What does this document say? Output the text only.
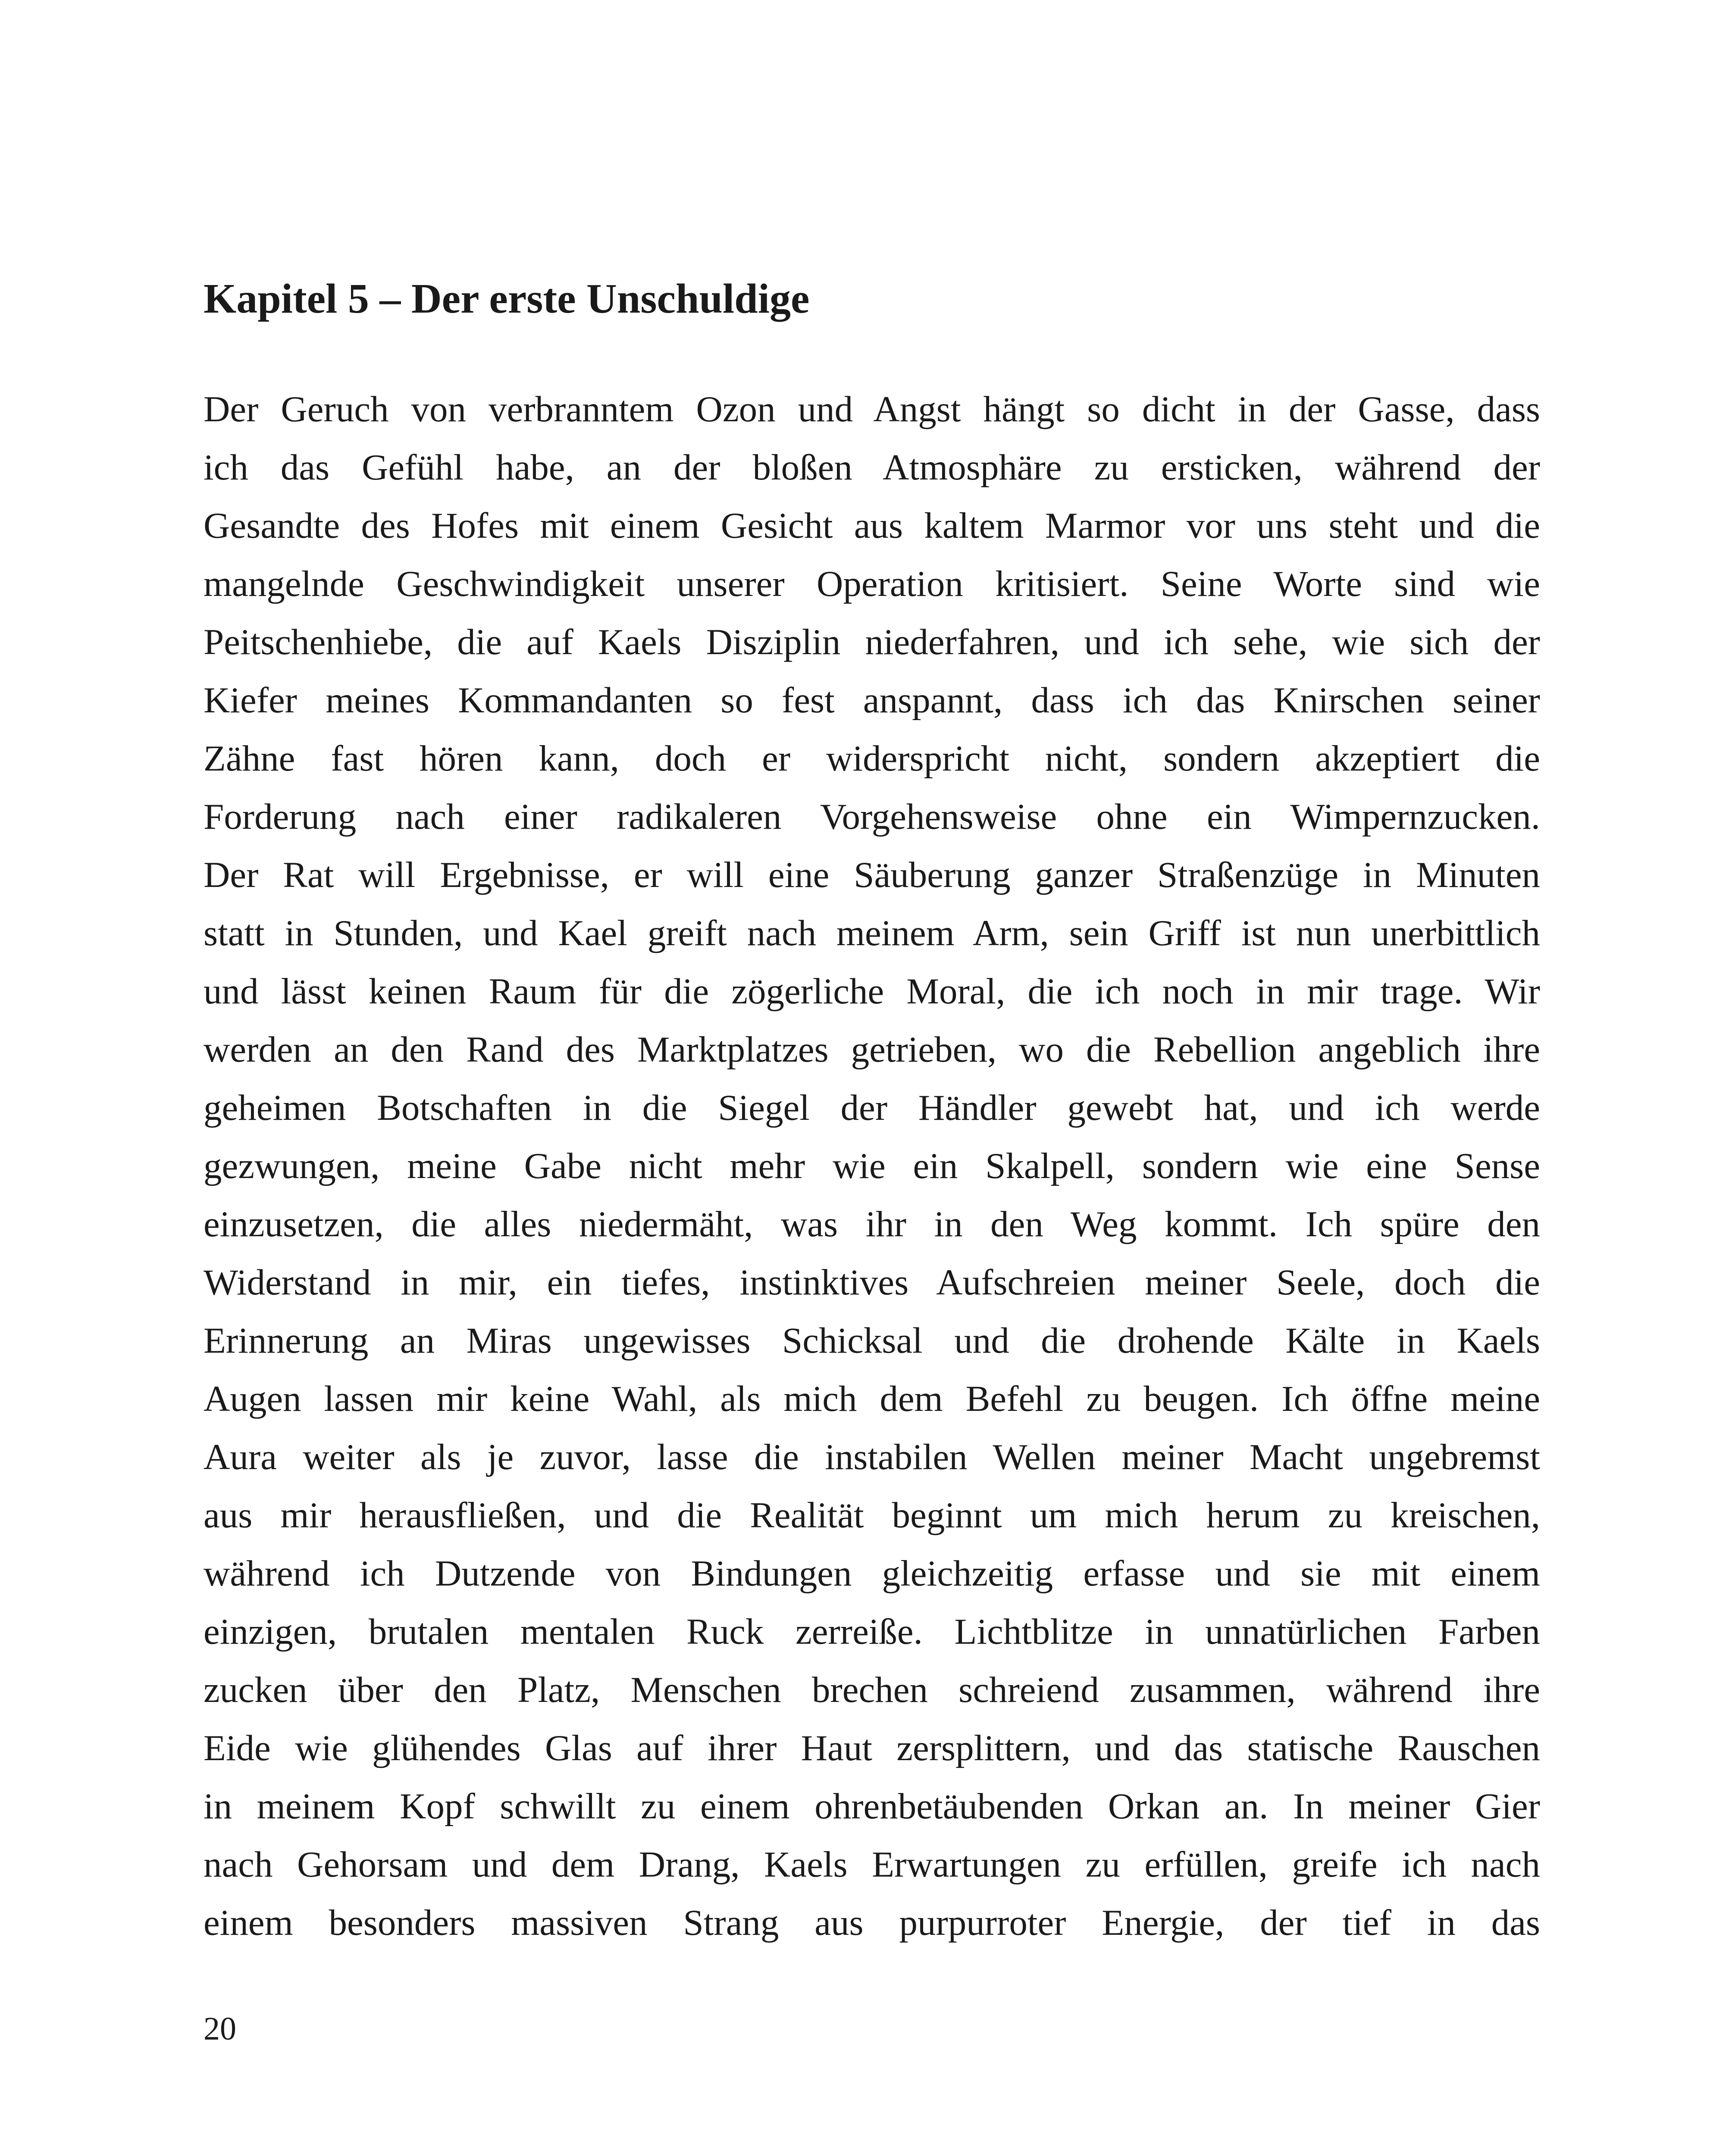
Kapitel 5 – Der erste Unschuldige
Der Geruch von verbranntem Ozon und Angst hängt so dicht in der Gasse, dass
ich das Gefühl habe, an der bloßen Atmosphäre zu ersticken, während der
Gesandte des Hofes mit einem Gesicht aus kaltem Marmor vor uns steht und die
mangelnde Geschwindigkeit unserer Operation kritisiert. Seine Worte sind wie
Peitschenhiebe, die auf Kaels Disziplin niederfahren, und ich sehe, wie sich der
Kiefer meines Kommandanten so fest anspannt, dass ich das Knirschen seiner
Zähne fast hören kann, doch er widerspricht nicht, sondern akzeptiert die
Forderung nach einer radikaleren Vorgehensweise ohne ein Wimpernzucken.
Der Rat will Ergebnisse, er will eine Säuberung ganzer Straßenzüge in Minuten
statt in Stunden, und Kael greift nach meinem Arm, sein Griff ist nun unerbittlich
und lässt keinen Raum für die zögerliche Moral, die ich noch in mir trage. Wir
werden an den Rand des Marktplatzes getrieben, wo die Rebellion angeblich ihre
geheimen Botschaften in die Siegel der Händler gewebt hat, und ich werde
gezwungen, meine Gabe nicht mehr wie ein Skalpell, sondern wie eine Sense
einzusetzen, die alles niedermäht, was ihr in den Weg kommt. Ich spüre den
Widerstand in mir, ein tiefes, instinktives Aufschreien meiner Seele, doch die
Erinnerung an Miras ungewisses Schicksal und die drohende Kälte in Kaels
Augen lassen mir keine Wahl, als mich dem Befehl zu beugen. Ich öffne meine
Aura weiter als je zuvor, lasse die instabilen Wellen meiner Macht ungebremst
aus mir herausfließen, und die Realität beginnt um mich herum zu kreischen,
während ich Dutzende von Bindungen gleichzeitig erfasse und sie mit einem
einzigen, brutalen mentalen Ruck zerreiße. Lichtblitze in unnatürlichen Farben
zucken über den Platz, Menschen brechen schreiend zusammen, während ihre
Eide wie glühendes Glas auf ihrer Haut zersplittern, und das statische Rauschen
in meinem Kopf schwillt zu einem ohrenbetäubenden Orkan an. In meiner Gier
nach Gehorsam und dem Drang, Kaels Erwartungen zu erfüllen, greife ich nach
einem besonders massiven Strang aus purpurroter Energie, der tief in das
20
